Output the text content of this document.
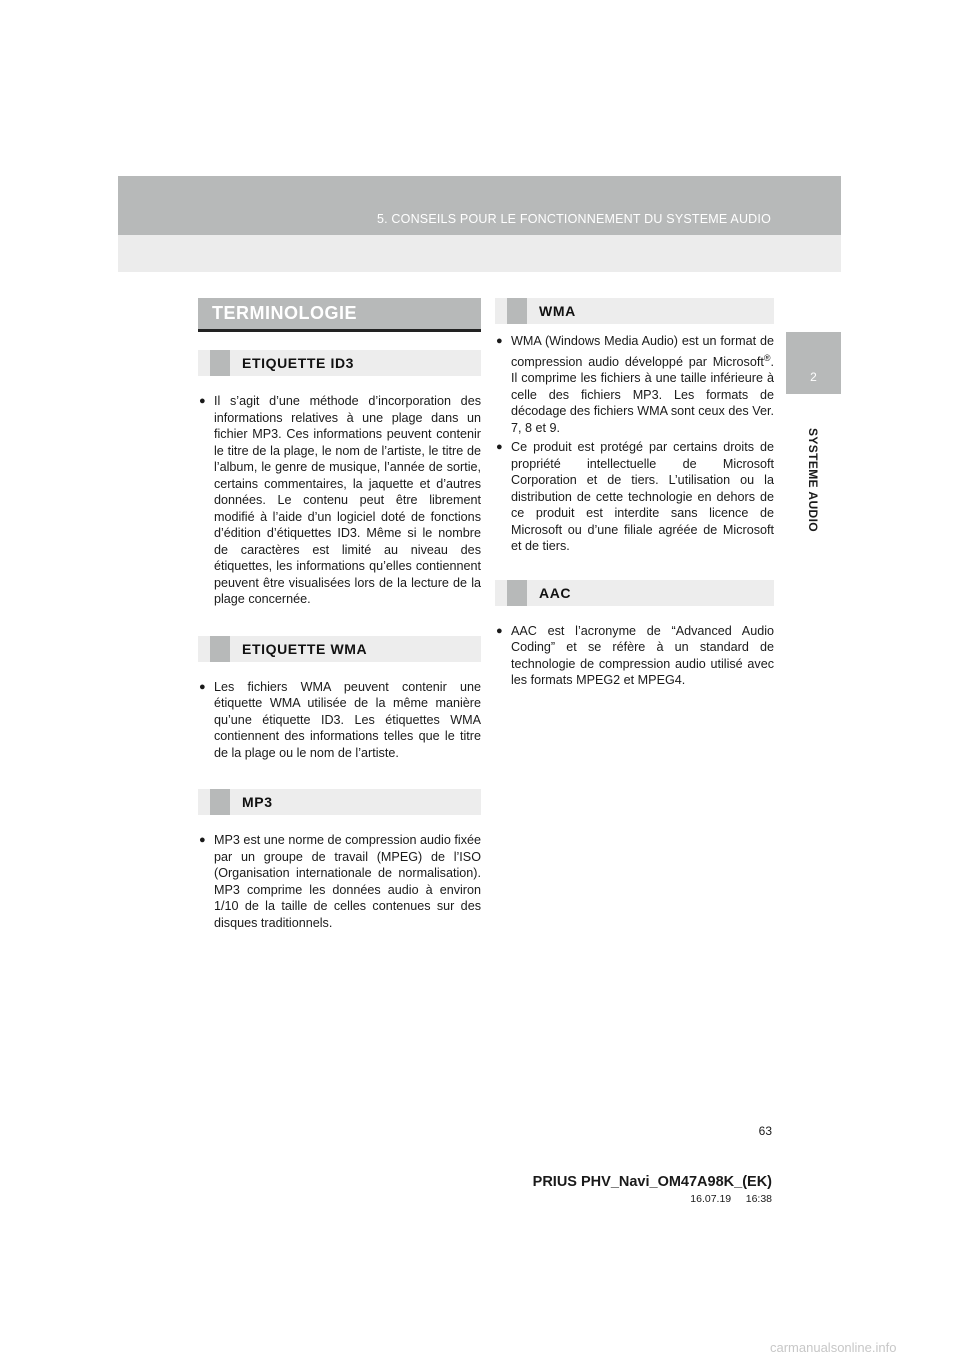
5. CONSEILS POUR LE FONCTIONNEMENT DU SYSTEME AUDIO
2
SYSTEME AUDIO
TERMINOLOGIE
ETIQUETTE ID3
● Il s’agit d’une méthode d’incorporation des informations relatives à une plage dans un fichier MP3. Ces informations peuvent contenir le titre de la plage, le nom de l’artiste, le titre de l’album, le genre de musique, l’année de sortie, certains commentaires, la jaquette et d’autres données. Le contenu peut être librement modifié à l’aide d’un logiciel doté de fonctions d’édition d’étiquettes ID3. Même si le nombre de caractères est limité au niveau des étiquettes, les informations qu’elles contiennent peuvent être visualisées lors de la lecture de la plage concernée.
ETIQUETTE WMA
● Les fichiers WMA peuvent contenir une étiquette WMA utilisée de la même manière qu’une étiquette ID3. Les étiquettes WMA contiennent des informations telles que le titre de la plage ou le nom de l’artiste.
MP3
● MP3 est une norme de compression audio fixée par un groupe de travail (MPEG) de l’ISO (Organisation internationale de normalisation). MP3 comprime les données audio à environ 1/10 de la taille de celles contenues sur des disques traditionnels.
WMA
● WMA (Windows Media Audio) est un format de compression audio développé par Microsoft®. Il comprime les fichiers à une taille inférieure à celle des fichiers MP3. Les formats de décodage des fichiers WMA sont ceux des Ver. 7, 8 et 9.
● Ce produit est protégé par certains droits de propriété intellectuelle de Microsoft Corporation et de tiers. L’utilisation ou la distribution de cette technologie en dehors de ce produit est interdite sans licence de Microsoft ou d’une filiale agréée de Microsoft et de tiers.
AAC
● AAC est l’acronyme de “Advanced Audio Coding” et se réfère à un standard de technologie de compression audio utilisé avec les formats MPEG2 et MPEG4.
63
PRIUS PHV_Navi_OM47A98K_(EK)
16.07.19     16:38
carmanualsonline.info
